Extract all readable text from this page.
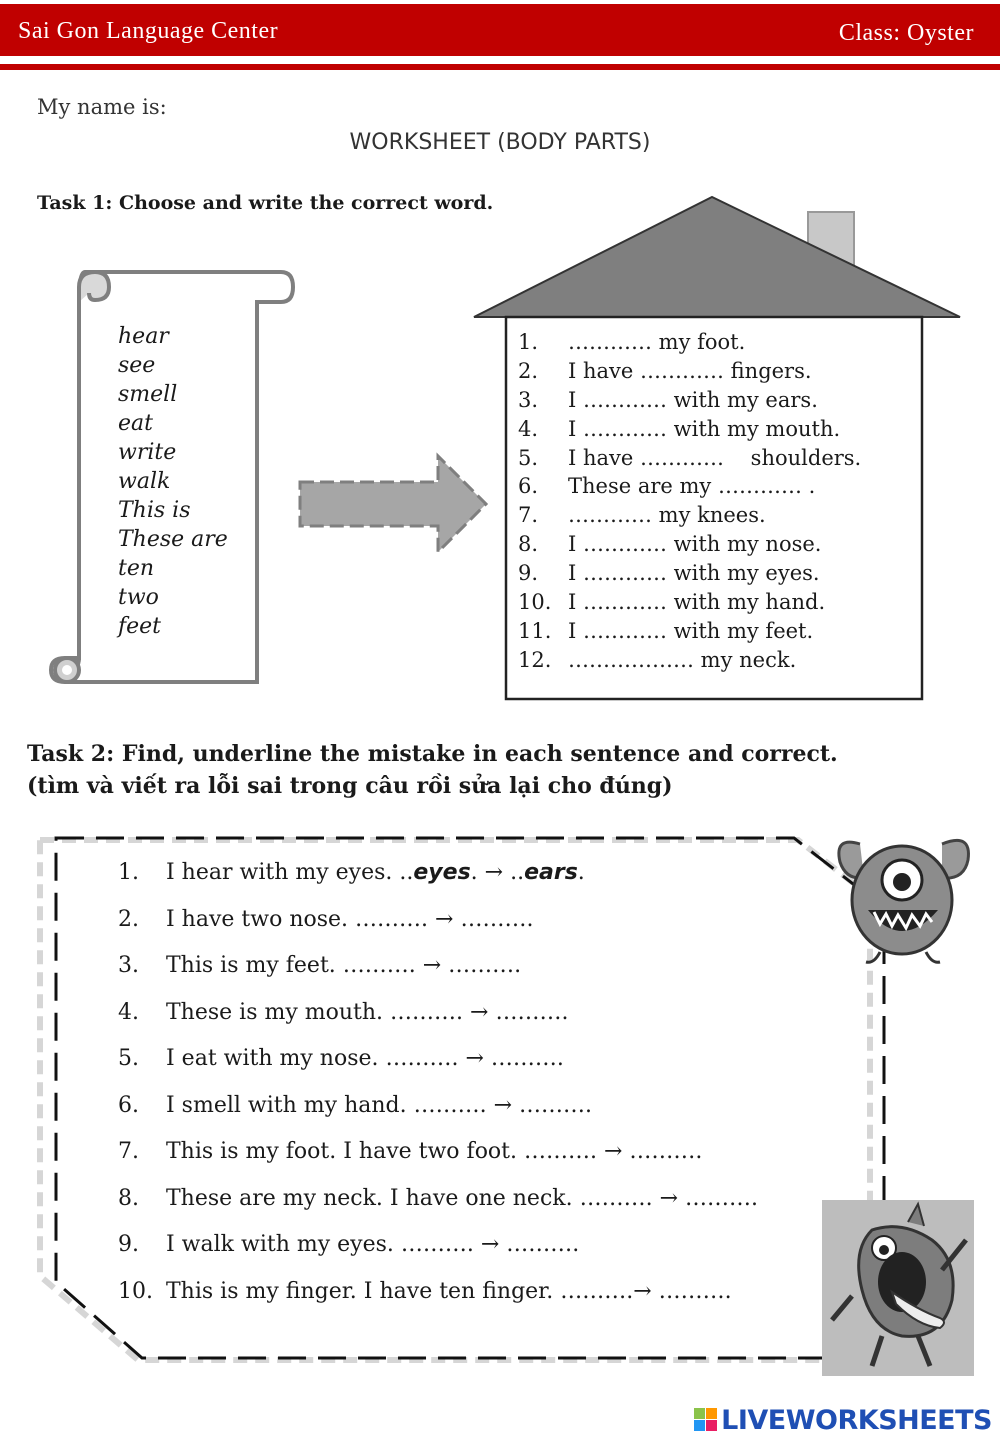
Sai Gon Language Center	Class: Oyster
My name is:
WORKSHEET (BODY PARTS)
Task 1: Choose and write the correct word.
hear
see
smell
eat
write
walk
This is
These are
ten
two
feet
1. ………… my foot.
2. I have ………… fingers.
3. I ………… with my ears.
4. I ………… with my mouth.
5. I have …………    shoulders.
6. These are my ………… .
7. ………… my knees.
8. I ………… with my nose.
9. I ………… with my eyes.
10. I ………… with my hand.
11. I ………… with my feet.
12. ……………… my neck.
Task 2: Find, underline the mistake in each sentence and correct.
(tìm và viết ra lỗi sai trong câu rồi sửa lại cho đúng)
1. I hear with my eyes. ..eyes. → ..ears.
2. I have two nose. ………. → ……….
3. This is my feet. ………. → ……….
4. These is my mouth. ………. → ……….
5. I eat with my nose. ………. → ……….
6. I smell with my hand. ………. → ……….
7. This is my foot. I have two foot. ………. → ……….
8. These are my neck. I have one neck. ………. → ……….
9. I walk with my eyes. ………. → ……….
10. This is my finger. I have ten finger. ……….→ ……….
LIVEWORKSHEETS
